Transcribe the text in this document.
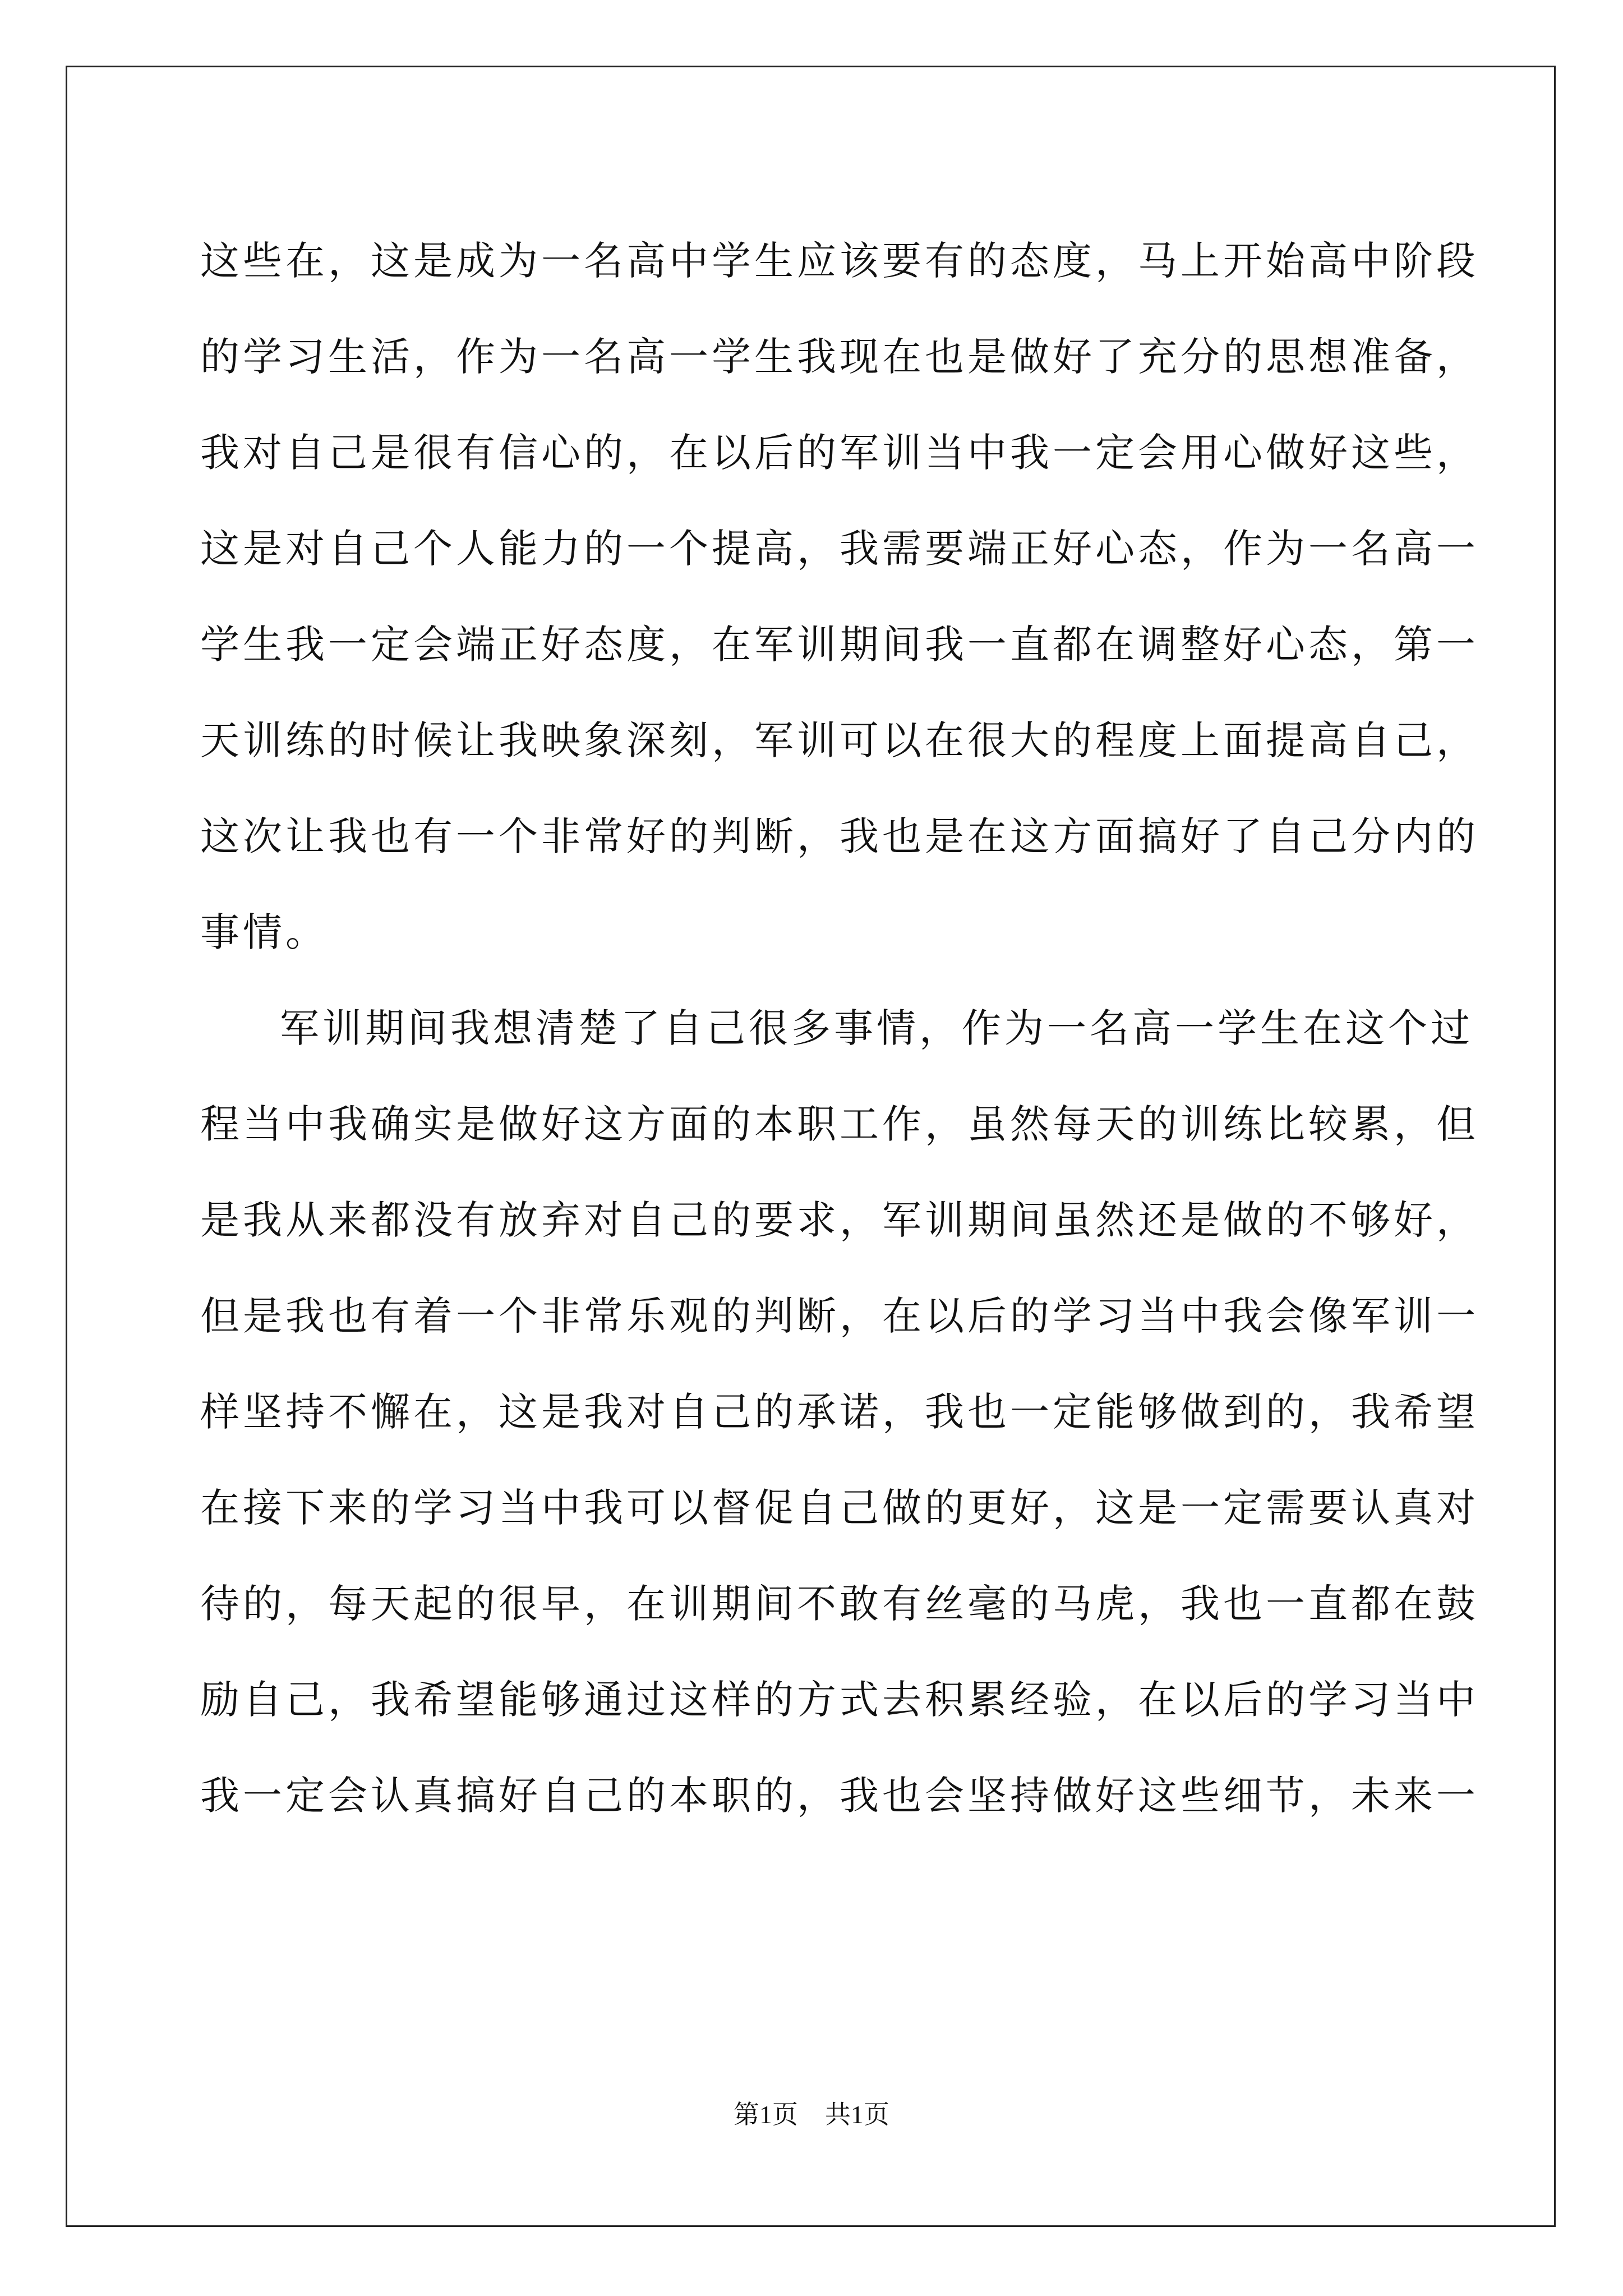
这些在，这是成为一名高中学生应该要有的态度，马上开始高中阶段
的学习生活，作为一名高一学生我现在也是做好了充分的思想准备，
我对自己是很有信心的，在以后的军训当中我一定会用心做好这些，
这是对自己个人能力的一个提高，我需要端正好心态，作为一名高一
学生我一定会端正好态度，在军训期间我一直都在调整好心态，第一
天训练的时候让我映象深刻，军训可以在很大的程度上面提高自己，
这次让我也有一个非常好的判断，我也是在这方面搞好了自己分内的
事情。
军训期间我想清楚了自己很多事情，作为一名高一学生在这个过
程当中我确实是做好这方面的本职工作，虽然每天的训练比较累，但
是我从来都没有放弃对自己的要求，军训期间虽然还是做的不够好，
但是我也有着一个非常乐观的判断，在以后的学习当中我会像军训一
样坚持不懈在，这是我对自己的承诺，我也一定能够做到的，我希望
在接下来的学习当中我可以督促自己做的更好，这是一定需要认真对
待的，每天起的很早，在训期间不敢有丝毫的马虎，我也一直都在鼓
励自己，我希望能够通过这样的方式去积累经验，在以后的学习当中
我一定会认真搞好自己的本职的，我也会坚持做好这些细节，未来一
第1页 共1页
